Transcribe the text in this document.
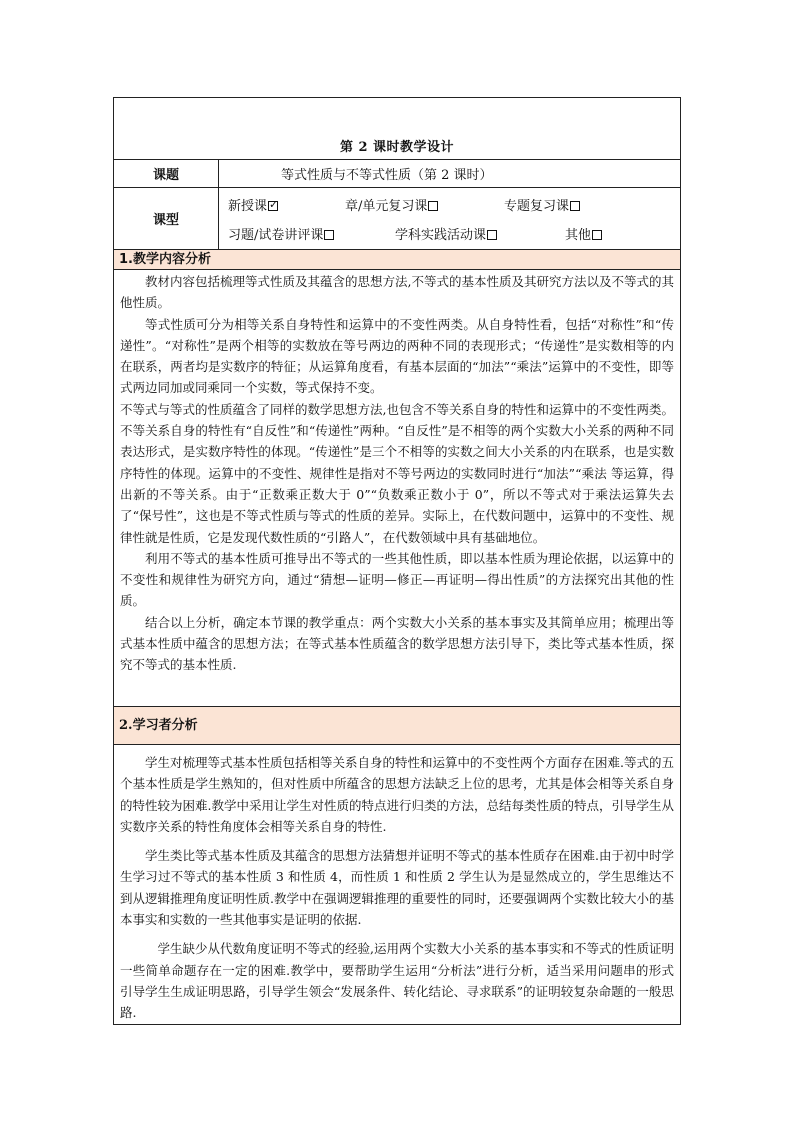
第 2 课时教学设计
课题	等式性质与不等式性质（第 2 课时）
课型
新授课✓	章/单元复习课	专题复习课
习题/试卷讲评课	学科实践活动课	其他
1.教学内容分析

教材内容包括梳理等式性质及其蕴含的思想方法,不等式的基本性质及其研究方法以及不等式的其他性质。

等式性质可分为相等关系自身特性和运算中的不变性两类。从自身特性看，包括“对称性”和“传递性”。“对称性”是两个相等的实数放在等号两边的两种不同的表现形式；“传递性”是实数相等的内在联系，两者均是实数序的特征；从运算角度看，有基本层面的“加法”“乘法”运算中的不变性，即等式两边同加或同乘同一个实数，等式保持不变。

不等式与等式的性质蕴含了同样的数学思想方法,也包含不等关系自身的特性和运算中的不变性两类。不等关系自身的特性有“自反性”和“传递性”两种。“自反性”是不相等的两个实数大小关系的两种不同表达形式，是实数序特性的体现。“传递性”是三个不相等的实数之间大小关系的内在联系，也是实数序特性的体现。运算中的不变性、规律性是指对不等号两边的实数同时进行“加法”“乘法 等运算，得出新的不等关系。由于“正数乘正数大于 0”“负数乘正数小于 0”，所以不等式对于乘法运算失去了“保号性”，这也是不等式性质与等式的性质的差异。实际上，在代数问题中，运算中的不变性、规律性就是性质，它是发现代数性质的“引路人”，在代数领域中具有基础地位。

利用不等式的基本性质可推导出不等式的一些其他性质，即以基本性质为理论依据，以运算中的不变性和规律性为研究方向，通过“猜想—证明—修正—再证明—得出性质”的方法探究出其他的性质。

结合以上分析，确定本节课的教学重点：两个实数大小关系的基本事实及其简单应用；梳理出等式基本性质中蕴含的思想方法；在等式基本性质蕴含的数学思想方法引导下，类比等式基本性质，探究不等式的基本性质.

2.学习者分析

学生对梳理等式基本性质包括相等关系自身的特性和运算中的不变性两个方面存在困难.等式的五个基本性质是学生熟知的，但对性质中所蕴含的思想方法缺乏上位的思考，尤其是体会相等关系自身的特性较为困难.教学中采用让学生对性质的特点进行归类的方法，总结每类性质的特点，引导学生从实数序关系的特性角度体会相等关系自身的特性.

学生类比等式基本性质及其蕴含的思想方法猜想并证明不等式的基本性质存在困难.由于初中时学生学习过不等式的基本性质 3 和性质 4，而性质 1 和性质 2 学生认为是显然成立的，学生思维达不到从逻辑推理角度证明性质.教学中在强调逻辑推理的重要性的同时，还要强调两个实数比较大小的基本事实和实数的一些其他事实是证明的依据.

学生缺少从代数角度证明不等式的经验,运用两个实数大小关系的基本事实和不等式的性质证明一些简单命题存在一定的困难.教学中，要帮助学生运用“分析法”进行分析，适当采用问题串的形式引导学生生成证明思路，引导学生领会“发展条件、转化结论、寻求联系”的证明较复杂命题的一般思路.
